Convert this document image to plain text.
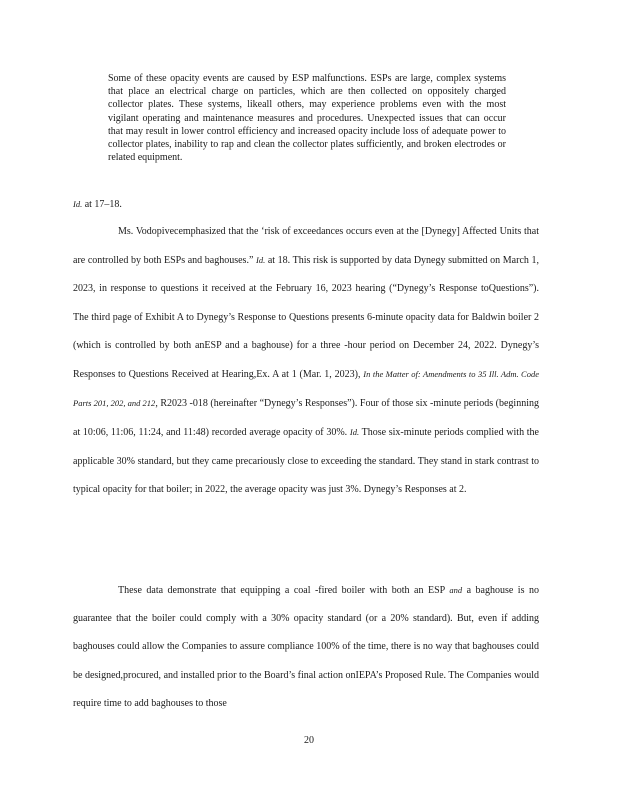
Some of these opacity events are caused by ESP malfunctions. ESPs are large, complex systems that place an electrical charge on particles, which are then collected on oppositely charged collector plates. These systems, likeall others, may experience problems even with the most vigilant operating and maintenance measures and procedures. Unexpected issues that can occur that may result in lower control efficiency and increased opacity include loss of adequate power to collector plates, inability to rap and clean the collector plates sufficiently, and broken electrodes or related equipment.

Id. at 17–18.

Ms. Vodopivecemphasized that the ‘risk of exceedances occurs even at the [Dynegy] Affected Units that are controlled by both ESPs and baghouses.” Id. at 18. This risk is supported by data Dynegy submitted on March 1, 2023, in response to questions it received at the February 16, 2023 hearing (“Dynegy’s Response toQuestions”). The third page of Exhibit A to Dynegy’s Response to Questions presents 6-minute opacity data for Baldwin boiler 2 (which is controlled by both anESP and a baghouse) for a three -hour period on December 24, 2022. Dynegy’s Responses to Questions Received at Hearing,Ex. A at 1 (Mar. 1, 2023), In the Matter of: Amendments to 35 Ill. Adm. Code Parts 201, 202, and 212, R2023 -018 (hereinafter “Dynegy’s Responses”). Four of those six -minute periods (beginning at 10:06, 11:06, 11:24, and 11:48) recorded average opacity of 30%. Id. Those six-minute periods complied with the applicable 30% standard, but they came precariously close to exceeding the standard. They stand in stark contrast to typical opacity for that boiler; in 2022, the average opacity was just 3%. Dynegy’s Responses at 2.

These data demonstrate that equipping a coal -fired boiler with both an ESP and a baghouse is no guarantee that the boiler could comply with a 30% opacity standard (or a 20% standard). But, even if adding baghouses could allow the Companies to assure compliance 100% of the time, there is no way that baghouses could be designed,procured, and installed prior to the Board’s final action onIEPA’s Proposed Rule. The Companies would require time to add baghouses to those

20
